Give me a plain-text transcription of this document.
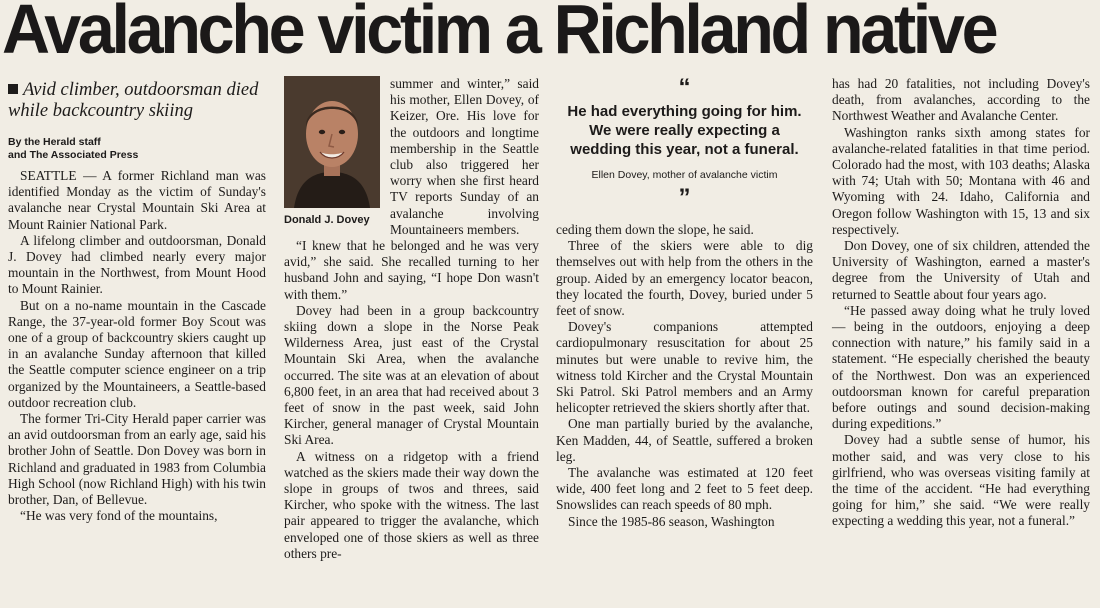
Avalanche victim a Richland native
Avid climber, outdoorsman died while backcountry skiing
By the Herald staff
and The Associated Press

SEATTLE — A former Richland man was identified Monday as the victim of Sunday's avalanche near Crystal Mountain Ski Area at Mount Rainier National Park.

A lifelong climber and outdoorsman, Donald J. Dovey had climbed nearly every major mountain in the Northwest, from Mount Hood to Mount Rainier.

But on a no-name mountain in the Cascade Range, the 37-year-old former Boy Scout was one of a group of backcountry skiers caught up in an avalanche Sunday afternoon that killed the Seattle computer science engineer on a trip organized by the Mountaineers, a Seattle-based outdoor recreation club.

The former Tri-City Herald paper carrier was an avid outdoorsman from an early age, said his brother John of Seattle. Don Dovey was born in Richland and graduated in 1983 from Columbia High School (now Richland High) with his twin brother, Dan, of Bellevue.

“He was very fond of the mountains,

Donald J. Dovey

summer and winter,” said his mother, Ellen Dovey, of Keizer, Ore. His love for the outdoors and longtime membership in the Seattle club also triggered her worry when she first heard TV reports Sunday of an avalanche involving Mountaineers members.

“I knew that he belonged and he was very avid,” she said. She recalled turning to her husband John and saying, “I hope Don wasn't with them.”

Dovey had been in a group backcountry skiing down a slope in the Norse Peak Wilderness Area, just east of the Crystal Mountain Ski Area, when the avalanche occurred. The site was at an elevation of about 6,800 feet, in an area that had received about 3 feet of snow in the past week, said John Kircher, general manager of Crystal Mountain Ski Area.

A witness on a ridgetop with a friend watched as the skiers made their way down the slope in groups of twos and threes, said Kircher, who spoke with the witness. The last pair appeared to trigger the avalanche, which enveloped one of those skiers as well as three others pre-

“
He had everything going for him. We were really expecting a wedding this year, not a funeral.
Ellen Dovey, mother of avalanche victim
”

ceding them down the slope, he said.

Three of the skiers were able to dig themselves out with help from the others in the group. Aided by an emergency locator beacon, they located the fourth, Dovey, buried under 5 feet of snow.

Dovey's companions attempted cardiopulmonary resuscitation for about 25 minutes but were unable to revive him, the witness told Kircher and the Crystal Mountain Ski Patrol. Ski Patrol members and an Army helicopter retrieved the skiers shortly after that.

One man partially buried by the avalanche, Ken Madden, 44, of Seattle, suffered a broken leg.

The avalanche was estimated at 120 feet wide, 400 feet long and 2 feet to 5 feet deep. Snowslides can reach speeds of 80 mph.

Since the 1985-86 season, Washington

has had 20 fatalities, not including Dovey's death, from avalanches, according to the Northwest Weather and Avalanche Center.

Washington ranks sixth among states for avalanche-related fatalities in that time period. Colorado had the most, with 103 deaths; Alaska with 74; Utah with 50; Montana with 46 and Wyoming with 24. Idaho, California and Oregon follow Washington with 15, 13 and six respectively.

Don Dovey, one of six children, attended the University of Washington, earned a master's degree from the University of Utah and returned to Seattle about four years ago.

“He passed away doing what he truly loved — being in the outdoors, enjoying a deep connection with nature,” his family said in a statement. “He especially cherished the beauty of the Northwest. Don was an experienced outdoorsman known for careful preparation before outings and sound decision-making during expeditions.”

Dovey had a subtle sense of humor, his mother said, and was very close to his girlfriend, who was overseas visiting family at the time of the accident. “He had everything going for him,” she said. “We were really expecting a wedding this year, not a funeral.”
